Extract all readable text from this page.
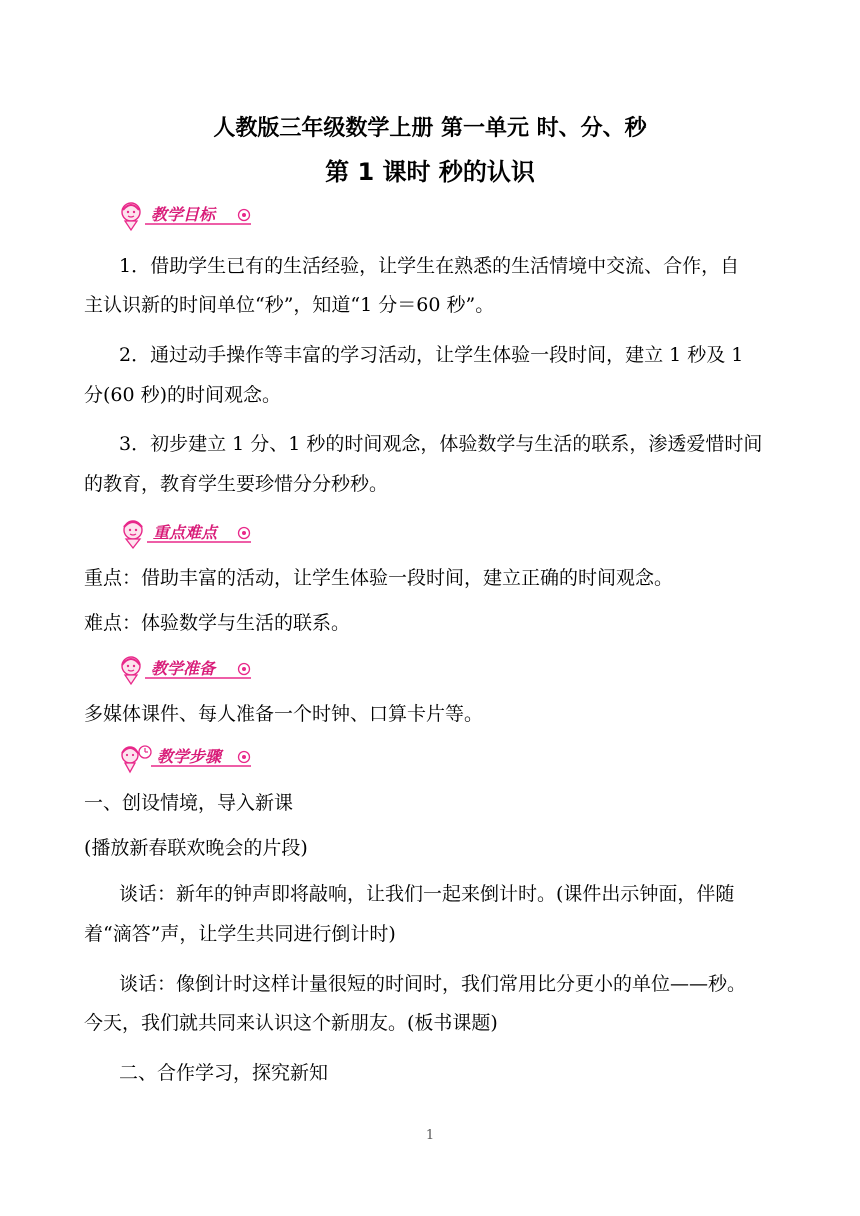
人教版三年级数学上册 第一单元 时、分、秒
第 1 课时 秒的认识
教学目标
1．借助学生已有的生活经验，让学生在熟悉的生活情境中交流、合作，自
主认识新的时间单位“秒”，知道“1 分＝60 秒”。
2．通过动手操作等丰富的学习活动，让学生体验一段时间，建立 1 秒及 1
分(60 秒)的时间观念。
3．初步建立 1 分、1 秒的时间观念，体验数学与生活的联系，渗透爱惜时间
的教育，教育学生要珍惜分分秒秒。
重点难点
重点：借助丰富的活动，让学生体验一段时间，建立正确的时间观念。
难点：体验数学与生活的联系。
教学准备
多媒体课件、每人准备一个时钟、口算卡片等。
教学步骤
一、创设情境，导入新课
(播放新春联欢晚会的片段)
谈话：新年的钟声即将敲响，让我们一起来倒计时。(课件出示钟面，伴随
着“滴答”声，让学生共同进行倒计时)
谈话：像倒计时这样计量很短的时间时，我们常用比分更小的单位——秒。
今天，我们就共同来认识这个新朋友。(板书课题)
二、合作学习，探究新知
1
